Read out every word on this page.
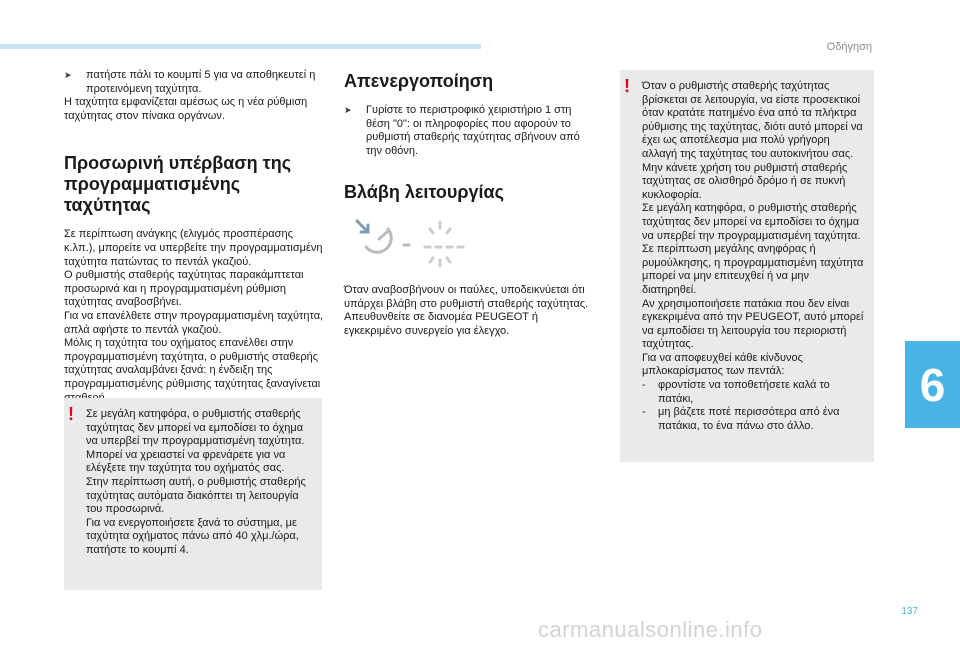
Οδήγηση
6

➤ πατήστε πάλι το κουμπί 5 για να αποθηκευτεί η προτεινόμενη ταχύτητα.

Η ταχύτητα εμφανίζεται αμέσως ως η νέα ρύθμιση ταχύτητας στον πίνακα οργάνων.

Προσωρινή υπέρβαση της προγραμματισμένης ταχύτητας

Σε περίπτωση ανάγκης (ελιγμός προσπέρασης κ.λπ.), μπορείτε να υπερβείτε την προγραμματισμένη ταχύτητα πατώντας το πεντάλ γκαζιού.

Ο ρυθμιστής σταθερής ταχύτητας παρακάμπτεται προσωρινά και η προγραμματισμένη ρύθμιση ταχύτητας αναβοσβήνει.

Για να επανέλθετε στην προγραμματισμένη ταχύτητα, απλά αφήστε το πεντάλ γκαζιού.

Μόλις η ταχύτητα του οχήματος επανέλθει στην προγραμματισμένη ταχύτητα, ο ρυθμιστής σταθερής ταχύτητας αναλαμβάνει ξανά: η ένδειξη της προγραμματισμένης ρύθμισης ταχύτητας ξαναγίνεται

!	Σε μεγάλη κατηφόρα, ο ρυθμιστής σταθερής ταχύτητας δεν μπορεί να εμποδίσει το όχημα να υπερβεί την προγραμματισμένη ταχύτητα.

Μπορεί να χρειαστεί να φρενάρετε για να ελέγξετε την ταχύτητα του οχήματός σας.

Στην περίπτωση αυτή, ο ρυθμιστής σταθερής ταχύτητας αυτόματα διακόπτει τη λειτουργία του προσωρινά.

Για να ενεργοποιήσετε ξανά το σύστημα, με ταχύτητα οχήματος πάνω από 40 χλμ./ώρα, πατήστε το κουμπί 4.

Απενεργοποίηση

➤ Γυρίστε το περιστροφικό χειριστήριο 1 στη θέση "0": οι πληροφορίες που αφορούν το ρυθμιστή σταθερής ταχύτητας σβήνουν από την οθόνη.

Βλάβη λειτουργίας

Όταν αναβοσβήνουν οι παύλες, υποδεικνύεται ότι υπάρχει βλάβη στο ρυθμιστή σταθερής ταχύτητας. Απευθυνθείτε σε διανομέα PEUGEOT ή εγκεκριμένο συνεργείο για έλεγχο.

!	Όταν ο ρυθμιστής σταθερής ταχύτητας βρίσκεται σε λειτουργία, να είστε προσεκτικοί όταν κρατάτε πατημένο ένα από τα πλήκτρα ρύθμισης της ταχύτητας, διότι αυτό μπορεί να έχει ως αποτέλεσμα μια πολύ γρήγορη αλλαγή της ταχύτητας του αυτοκινήτου σας.

Μην κάνετε χρήση του ρυθμιστή σταθερής ταχύτητας σε ολισθηρό δρόμο ή σε πυκνή κυκλοφορία.

Σε μεγάλη κατηφόρα, ο ρυθμιστής σταθερής ταχύτητας δεν μπορεί να εμποδίσει το όχημα να υπερβεί την προγραμματισμένη ταχύτητα.

Σε περίπτωση μεγάλης ανηφόρας ή ρυμούλκησης, η προγραμματισμένη ταχύτητα μπορεί να μην επιτευχθεί ή να μην διατηρηθεί.

Αν χρησιμοποιήσετε πατάκια που δεν είναι εγκεκριμένα από την PEUGEOT, αυτό μπορεί να εμποδίσει τη λειτουργία του περιοριστή ταχύτητας.

Για να αποφευχθεί κάθε κίνδυνος μπλοκαρίσματος των πεντάλ:

- φροντίστε να τοποθετήσετε καλά το πατάκι,

- μη βάζετε ποτέ περισσότερα από ένα πατάκια, το ένα πάνω στο άλλο.

137
carmanualsonline.info
